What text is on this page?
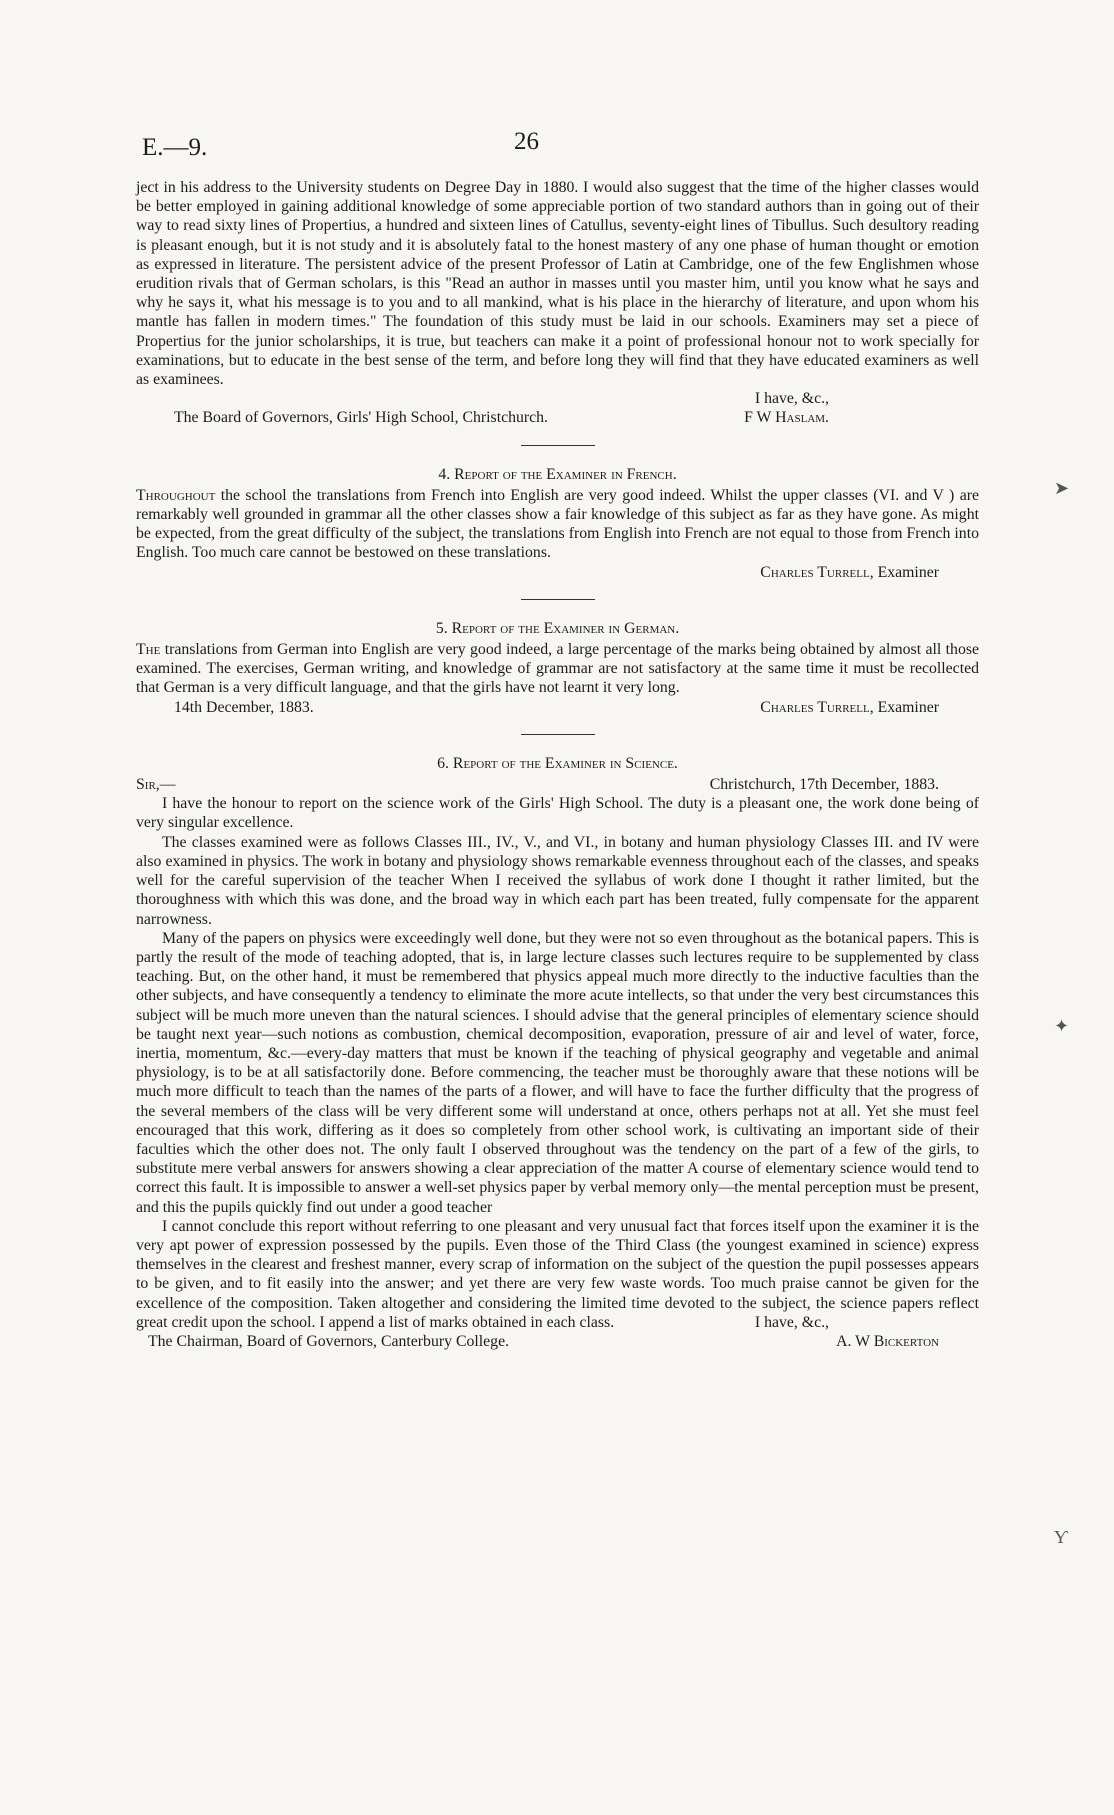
E.—9.	26
➤
✦
Ƴ

ject in his address to the University students on Degree Day in 1880. I would also suggest that the time of the higher classes would be better employed in gaining additional knowledge of some appreciable portion of two standard authors than in going out of their way to read sixty lines of Propertius, a hundred and sixteen lines of Catullus, seventy-eight lines of Tibullus. Such desultory reading is pleasant enough, but it is not study and it is absolutely fatal to the honest mastery of any one phase of human thought or emotion as expressed in literature. The persistent advice of the present Professor of Latin at Cambridge, one of the few Englishmen whose erudition rivals that of German scholars, is this "Read an author in masses until you master him, until you know what he says and why he says it, what his message is to you and to all mankind, what is his place in the hierarchy of literature, and upon whom his mantle has fallen in modern times." The foundation of this study must be laid in our schools. Examiners may set a piece of Propertius for the junior scholarships, it is true, but teachers can make it a point of professional honour not to work specially for examinations, but to educate in the best sense of the term, and before long they will find that they have educated examiners as well as examinees.

I have, &c.,
The Board of Governors, Girls' High School, Christchurch.	F W Haslam.
4. Report of the Examiner in French.

Throughout the school the translations from French into English are very good indeed. Whilst the upper classes (VI. and V ) are remarkably well grounded in grammar all the other classes show a fair knowledge of this subject as far as they have gone. As might be expected, from the great difficulty of the subject, the translations from English into French are not equal to those from French into English. Too much care cannot be bestowed on these translations.

Charles Turrell, Examiner
5. Report of the Examiner in German.

The translations from German into English are very good indeed, a large percentage of the marks being obtained by almost all those examined. The exercises, German writing, and knowledge of grammar are not satisfactory at the same time it must be recollected that German is a very difficult language, and that the girls have not learnt it very long.

14th December, 1883.	Charles Turrell, Examiner
6. Report of the Examiner in Science.
Sir,—	Christchurch, 17th December, 1883.

I have the honour to report on the science work of the Girls' High School. The duty is a pleasant one, the work done being of very singular excellence.

The classes examined were as follows Classes III., IV., V., and VI., in botany and human physiology Classes III. and IV were also examined in physics. The work in botany and physiology shows remarkable evenness throughout each of the classes, and speaks well for the careful supervision of the teacher When I received the syllabus of work done I thought it rather limited, but the thoroughness with which this was done, and the broad way in which each part has been treated, fully compensate for the apparent narrowness.

Many of the papers on physics were exceedingly well done, but they were not so even throughout as the botanical papers. This is partly the result of the mode of teaching adopted, that is, in large lecture classes such lectures require to be supplemented by class teaching. But, on the other hand, it must be remembered that physics appeal much more directly to the inductive faculties than the other subjects, and have consequently a tendency to eliminate the more acute intellects, so that under the very best circumstances this subject will be much more uneven than the natural sciences. I should advise that the general principles of elementary science should be taught next year—such notions as combustion, chemical decomposition, evaporation, pressure of air and level of water, force, inertia, momentum, &c.—every-day matters that must be known if the teaching of physical geography and vegetable and animal physiology, is to be at all satisfactorily done. Before commencing, the teacher must be thoroughly aware that these notions will be much more difficult to teach than the names of the parts of a flower, and will have to face the further difficulty that the progress of the several members of the class will be very different some will understand at once, others perhaps not at all. Yet she must feel encouraged that this work, differing as it does so completely from other school work, is cultivating an important side of their faculties which the other does not. The only fault I observed throughout was the tendency on the part of a few of the girls, to substitute mere verbal answers for answers showing a clear appreciation of the matter A course of elementary science would tend to correct this fault. It is impossible to answer a well-set physics paper by verbal memory only—the mental perception must be present, and this the pupils quickly find out under a good teacher

I cannot conclude this report without referring to one pleasant and very unusual fact that forces itself upon the examiner it is the very apt power of expression possessed by the pupils. Even those of the Third Class (the youngest examined in science) express themselves in the clearest and freshest manner, every scrap of information on the subject of the question the pupil possesses appears to be given, and to fit easily into the answer; and yet there are very few waste words. Too much praise cannot be given for the excellence of the composition. Taken altogether and considering the limited time devoted to the subject, the science papers reflect great credit upon the school. I append a list of marks obtained in each class.	I have, &c.,
The Chairman, Board of Governors, Canterbury College.	A. W Bickerton
